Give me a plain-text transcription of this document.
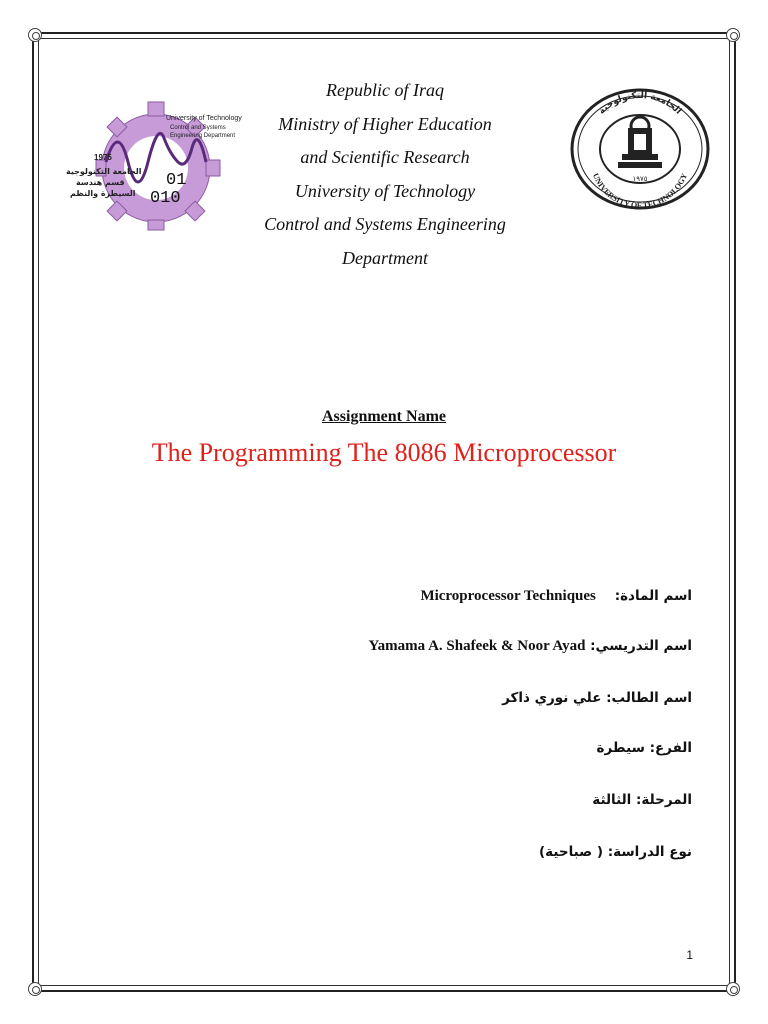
1975
University of Technology
Control and Systems
Engineering Department
الجامعة التكنولوجية
قسم هندسة
السيطرة والنظم
01
010
Republic of Iraq
Ministry of Higher Education
and Scientific Research
University of Technology
Control and Systems Engineering
Department
الجامعة التكنولوجية
UNIVERSITY OF TECHNOLOGY
١٩٧٥
Assignment Name
The Programming The 8086 Microprocessor
اسم المادة:    Microprocessor Techniques
اسم التدريسي: Yamama A. Shafeek & Noor Ayad
اسم الطالب: علي نوري ذاكر
الفرع: سيطرة
المرحلة: الثالثة
نوع الدراسة: ( صباحية)
1
